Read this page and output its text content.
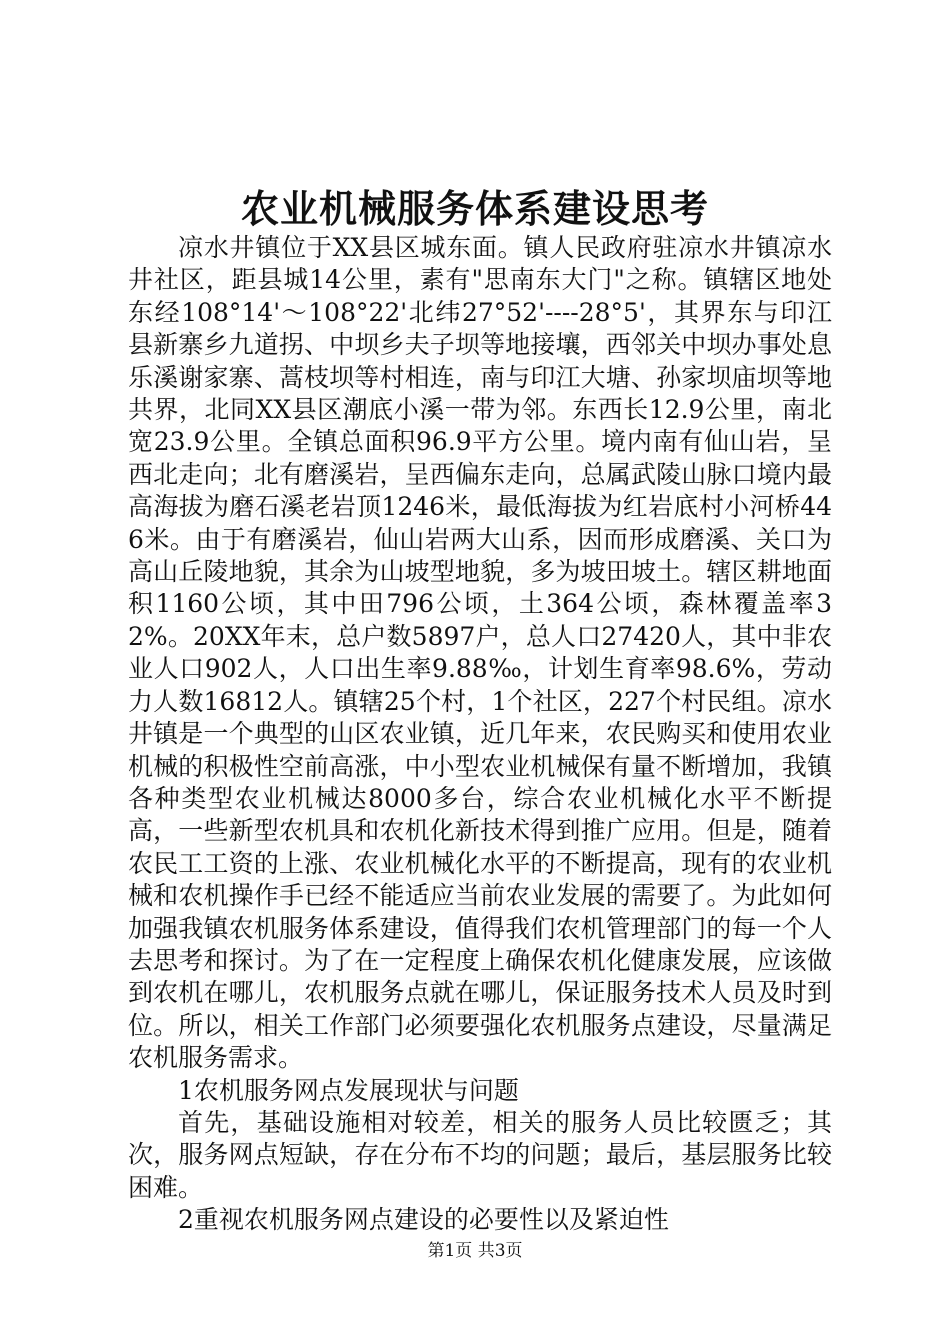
农业机械服务体系建设思考

凉水井镇位于XX县区城东面。镇人民政府驻凉水井镇凉水井社区，距县城14公里，素有"思南东大门"之称。镇辖区地处东经108°14'～108°22'北纬27°52'----28°5'，其界东与印江县新寨乡九道拐、中坝乡夫子坝等地接壤，西邻关中坝办事处息乐溪谢家寨、蒿枝坝等村相连，南与印江大塘、孙家坝庙坝等地共界，北同XX县区潮底小溪一带为邻。东西长12.9公里，南北宽23.9公里。全镇总面积96.9平方公里。境内南有仙山岩，呈西北走向；北有磨溪岩，呈西偏东走向，总属武陵山脉口境内最高海拔为磨石溪老岩顶1246米，最低海拔为红岩底村小河桥446米。由于有磨溪岩，仙山岩两大山系，因而形成磨溪、关口为高山丘陵地貌，其余为山坡型地貌，多为坡田坡土。辖区耕地面积1160公顷，其中田796公顷，土364公顷，森林覆盖率32%。20XX年末，总户数5897户，总人口27420人，其中非农业人口902人，人口出生率9.88‰，计划生育率98.6%，劳动力人数16812人。镇辖25个村，1个社区，227个村民组。凉水井镇是一个典型的山区农业镇，近几年来，农民购买和使用农业机械的积极性空前高涨，中小型农业机械保有量不断增加，我镇各种类型农业机械达8000多台，综合农业机械化水平不断提高，一些新型农机具和农机化新技术得到推广应用。但是，随着农民工工资的上涨、农业机械化水平的不断提高，现有的农业机械和农机操作手已经不能适应当前农业发展的需要了。为此如何加强我镇农机服务体系建设，值得我们农机管理部门的每一个人去思考和探讨。为了在一定程度上确保农机化健康发展，应该做到农机在哪儿，农机服务点就在哪儿，保证服务技术人员及时到位。所以，相关工作部门必须要强化农机服务点建设，尽量满足农机服务需求。

1农机服务网点发展现状与问题

首先，基础设施相对较差，相关的服务人员比较匮乏；其次，服务网点短缺，存在分布不均的问题；最后，基层服务比较困难。

2重视农机服务网点建设的必要性以及紧迫性

第1页 共3页
